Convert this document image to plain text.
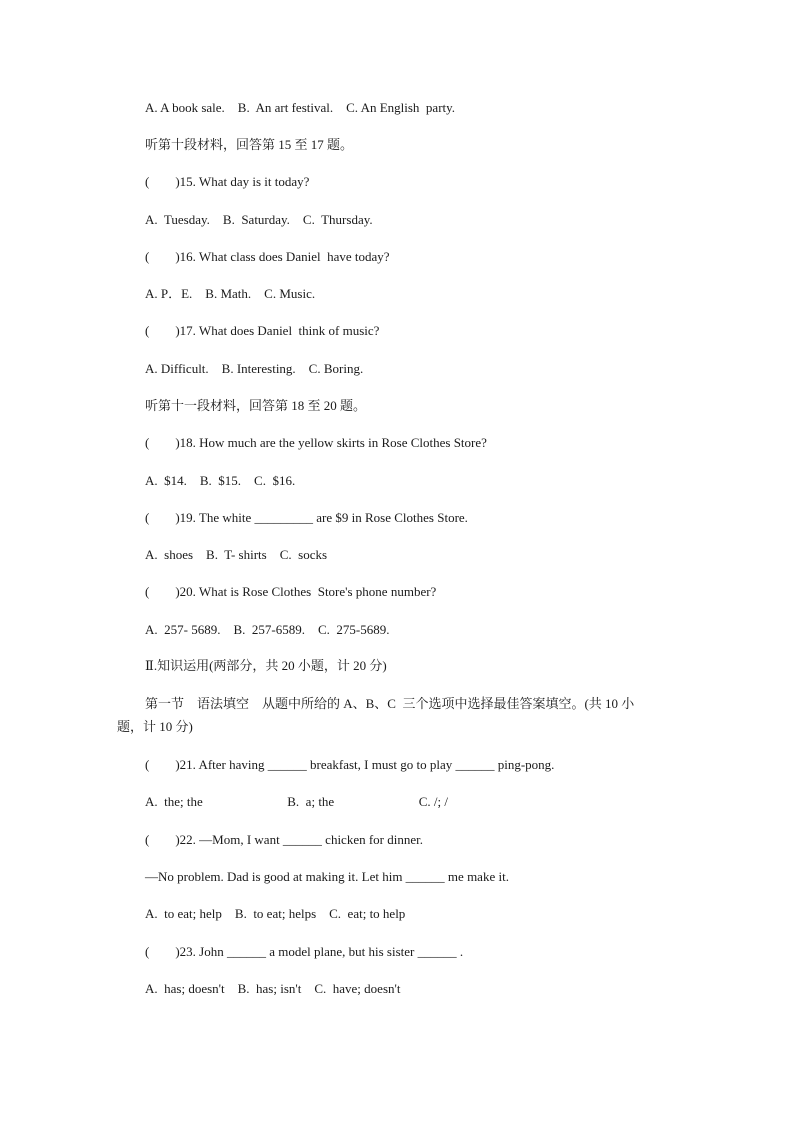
A. A book sale.    B.  An art festival.    C. An English  party.
听第十段材料，回答第 15 至 17 题。
(        )15. What day is it today?
A.  Tuesday.    B.  Saturday.    C.  Thursday.
(        )16. What class does Daniel  have today?
A. P．E.    B. Math.    C. Music.
(        )17. What does Daniel  think of music?
A. Difficult.    B. Interesting.    C. Boring.
听第十一段材料，回答第 18 至 20 题。
(        )18. How much are the yellow skirts in Rose Clothes Store?
A.  $14.    B.  $15.    C.  $16.
(        )19. The white _________ are $9 in Rose Clothes Store.
A.  shoes    B.  T- shirts    C.  socks
(        )20. What is Rose Clothes  Store's phone number?
A.  257- 5689.    B.  257-6589.    C.  275-5689.
Ⅱ.知识运用(两部分，共 20 小题，计 20 分)
第一节    语法填空    从题中所给的 A、B、C  三个选项中选择最佳答案填空。(共 10 小
题，计 10 分)
(        )21. After having ______ breakfast, I must go to play ______ ping-pong.
A.  the; the                          B.  a; the                          C. /; /
(        )22. —Mom, I want ______ chicken for dinner.
—No problem. Dad is good at making it. Let him ______ me make it.
A.  to eat; help    B.  to eat; helps    C.  eat; to help
(        )23. John ______ a model plane, but his sister ______ .
A.  has; doesn't    B.  has; isn't    C.  have; doesn't
